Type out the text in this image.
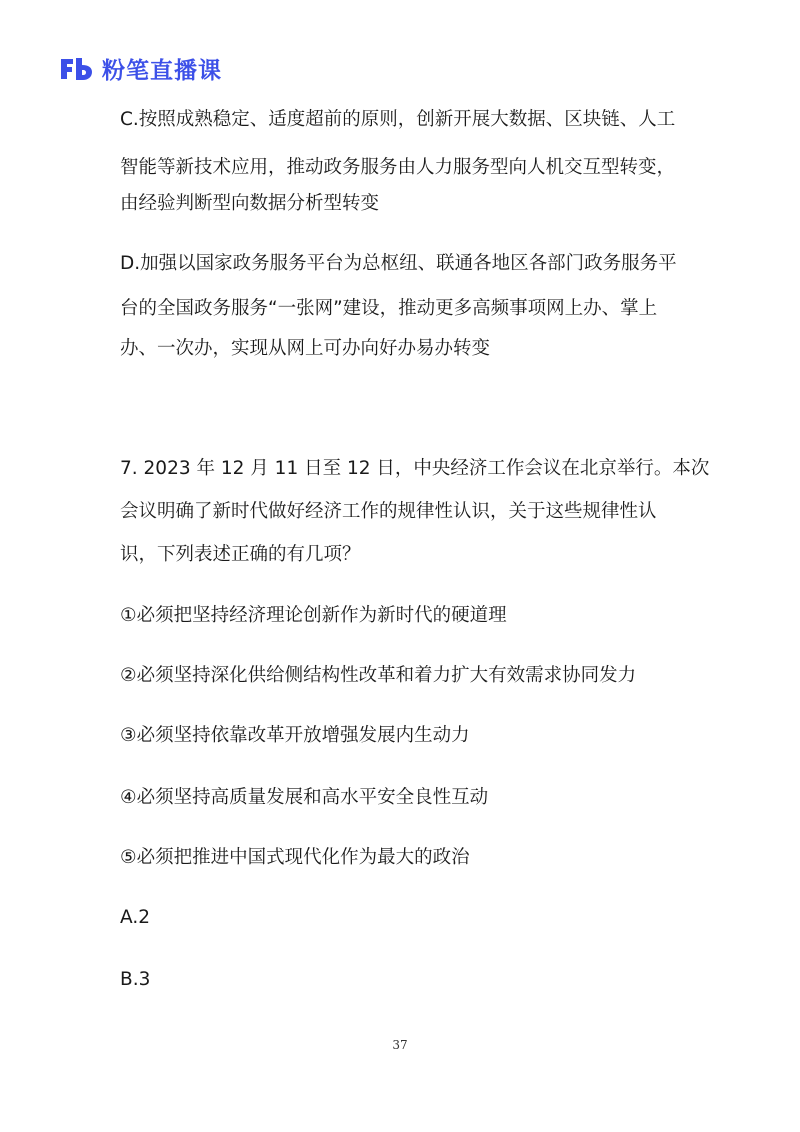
粉笔直播课
C.按照成熟稳定、适度超前的原则，创新开展大数据、区块链、人工
智能等新技术应用，推动政务服务由人力服务型向人机交互型转变，
由经验判断型向数据分析型转变
D.加强以国家政务服务平台为总枢纽、联通各地区各部门政务服务平
台的全国政务服务“一张网”建设，推动更多高频事项网上办、掌上
办、一次办，实现从网上可办向好办易办转变
7. 2023 年 12 月 11 日至 12 日，中央经济工作会议在北京举行。本次
会议明确了新时代做好经济工作的规律性认识，关于这些规律性认
识，下列表述正确的有几项？
①必须把坚持经济理论创新作为新时代的硬道理
②必须坚持深化供给侧结构性改革和着力扩大有效需求协同发力
③必须坚持依靠改革开放增强发展内生动力
④必须坚持高质量发展和高水平安全良性互动
⑤必须把推进中国式现代化作为最大的政治
A.2
B.3
37
